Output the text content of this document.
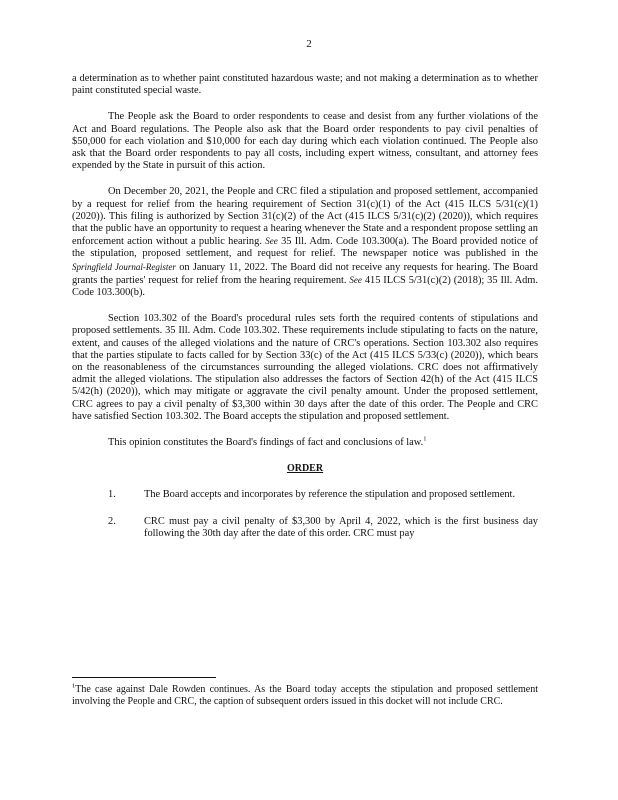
2

a determination as to whether paint constituted hazardous waste; and not making a determination as to whether paint constituted special waste.

The People ask the Board to order respondents to cease and desist from any further violations of the Act and Board regulations. The People also ask that the Board order respondents to pay civil penalties of $50,000 for each violation and $10,000 for each day during which each violation continued. The People also ask that the Board order respondents to pay all costs, including expert witness, consultant, and attorney fees expended by the State in pursuit of this action.

On December 20, 2021, the People and CRC filed a stipulation and proposed settlement, accompanied by a request for relief from the hearing requirement of Section 31(c)(1) of the Act (415 ILCS 5/31(c)(1) (2020)). This filing is authorized by Section 31(c)(2) of the Act (415 ILCS 5/31(c)(2) (2020)), which requires that the public have an opportunity to request a hearing whenever the State and a respondent propose settling an enforcement action without a public hearing. See 35 Ill. Adm. Code 103.300(a). The Board provided notice of the stipulation, proposed settlement, and request for relief. The newspaper notice was published in the Springfield Journal-Register on January 11, 2022. The Board did not receive any requests for hearing. The Board grants the parties' request for relief from the hearing requirement. See 415 ILCS 5/31(c)(2) (2018); 35 Ill. Adm. Code 103.300(b).

Section 103.302 of the Board's procedural rules sets forth the required contents of stipulations and proposed settlements. 35 Ill. Adm. Code 103.302. These requirements include stipulating to facts on the nature, extent, and causes of the alleged violations and the nature of CRC's operations. Section 103.302 also requires that the parties stipulate to facts called for by Section 33(c) of the Act (415 ILCS 5/33(c) (2020)), which bears on the reasonableness of the circumstances surrounding the alleged violations. CRC does not affirmatively admit the alleged violations. The stipulation also addresses the factors of Section 42(h) of the Act (415 ILCS 5/42(h) (2020)), which may mitigate or aggravate the civil penalty amount. Under the proposed settlement, CRC agrees to pay a civil penalty of $3,300 within 30 days after the date of this order. The People and CRC have satisfied Section 103.302. The Board accepts the stipulation and proposed settlement.

This opinion constitutes the Board's findings of fact and conclusions of law.$^1$

ORDER

1.	The Board accepts and incorporates by reference the stipulation and proposed settlement.
2.	CRC must pay a civil penalty of $3,300 by April 4, 2022, which is the first business day following the 30th day after the date of this order. CRC must pay
$^1$The case against Dale Rowden continues. As the Board today accepts the stipulation and proposed settlement involving the People and CRC, the caption of subsequent orders issued in this docket will not include CRC.
